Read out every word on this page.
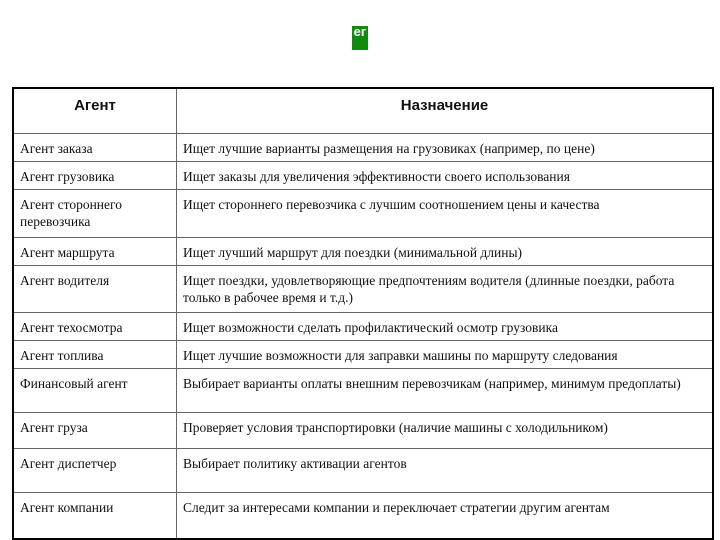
ег
Агент	Назначение
Агент заказа	Ищет лучшие варианты размещения на грузовиках (например, по цене)
Агент грузовика	Ищет заказы для увеличения эффективности своего использования
Агент стороннего перевозчика	Ищет стороннего перевозчика с лучшим соотношением цены и качества
Агент маршрута	Ищет лучший маршрут для поездки (минимальной длины)
Агент водителя	Ищет поездки, удовлетворяющие предпочтениям водителя (длинные поездки, работа только в рабочее время и т.д.)
Агент техосмотра	Ищет возможности сделать профилактический осмотр грузовика
Агент топлива	Ищет лучшие возможности для заправки машины по маршруту следования
Финансовый агент	Выбирает варианты оплаты внешним перевозчикам (например, минимум предоплаты)
Агент груза	Проверяет условия транспортировки (наличие машины с холодильником)
Агент диспетчер	Выбирает политику активации агентов
Агент компании	Следит за интересами компании и переключает стратегии другим агентам
